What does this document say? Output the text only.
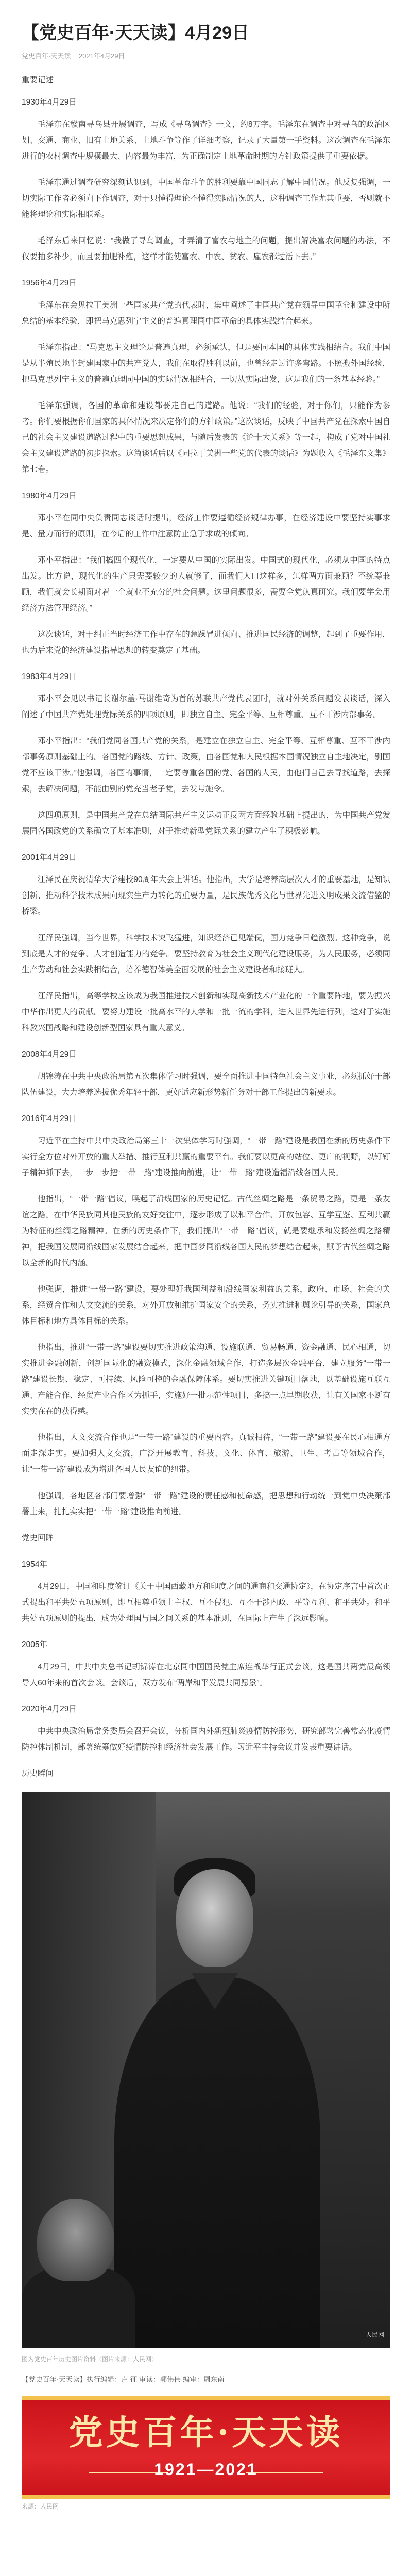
【党史百年·天天读】4月29日
党史百年·天天读 2021年4月29日

重要记述

1930年4月29日

毛泽东在赣南寻乌县开展调查，写成《寻乌调查》一文，约8万字。毛泽东在调查中对寻乌的政治区划、交通、商业、旧有土地关系、土地斗争等作了详细考察，记录了大量第一手资料。这次调查在毛泽东进行的农村调查中规模最大、内容最为丰富，为正确制定土地革命时期的方针政策提供了重要依据。

毛泽东通过调查研究深刻认识到，中国革命斗争的胜利要靠中国同志了解中国情况。他反复强调，一切实际工作者必须向下作调查，对于只懂得理论不懂得实际情况的人，这种调查工作尤其重要，否则就不能将理论和实际相联系。

毛泽东后来回忆说：“我做了寻乌调查，才弄清了富农与地主的问题，提出解决富农问题的办法，不仅要抽多补少，而且要抽肥补瘦，这样才能使富农、中农、贫农、雇农都过活下去。”

1956年4月29日

毛泽东在会见拉丁美洲一些国家共产党的代表时，集中阐述了中国共产党在领导中国革命和建设中所总结的基本经验，即把马克思列宁主义的普遍真理同中国革命的具体实践结合起来。

毛泽东指出：“马克思主义理论是普遍真理，必须承认，但是要同本国的具体实践相结合。我们中国是从半殖民地半封建国家中的共产党人，我们在取得胜利以前，也曾经走过许多弯路。不照搬外国经验，把马克思列宁主义的普遍真理同中国的实际情况相结合，一切从实际出发，这是我们的一条基本经验。”

毛泽东强调，各国的革命和建设都要走自己的道路。他说：“我们的经验，对于你们，只能作为参考。你们要根据你们国家的具体情况来决定你们的方针政策。”这次谈话，反映了中国共产党在探索中国自己的社会主义建设道路过程中的重要思想成果，与随后发表的《论十大关系》等一起，构成了党对中国社会主义建设道路的初步探索。这篇谈话后以《同拉丁美洲一些党的代表的谈话》为题收入《毛泽东文集》第七卷。

1980年4月29日

邓小平在同中央负责同志谈话时提出，经济工作要遵循经济规律办事，在经济建设中要坚持实事求是、量力而行的原则，在今后的工作中注意防止急于求成的倾向。

邓小平指出：“我们搞四个现代化，一定要从中国的实际出发。中国式的现代化，必须从中国的特点出发。比方说，现代化的生产只需要较少的人就够了，而我们人口这样多，怎样两方面兼顾？不统筹兼顾，我们就会长期面对着一个就业不充分的社会问题。这里问题很多，需要全党认真研究。我们要学会用经济方法管理经济。”

这次谈话，对于纠正当时经济工作中存在的急躁冒进倾向、推进国民经济的调整，起到了重要作用，也为后来党的经济建设指导思想的转变奠定了基础。

1983年4月29日

邓小平会见以书记长谢尔盖·马谢维奇为首的苏联共产党代表团时，就对外关系问题发表谈话，深入阐述了中国共产党处理党际关系的四项原则，即独立自主、完全平等、互相尊重、互不干涉内部事务。

邓小平指出：“我们党同各国共产党的关系，是建立在独立自主、完全平等、互相尊重、互不干涉内部事务原则基础上的。各国党的路线、方针、政策，由各国党和人民根据本国情况独立自主地决定，别国党不应该干涉。”他强调，各国的事情，一定要尊重各国的党、各国的人民，由他们自己去寻找道路，去探索，去解决问题，不能由别的党充当老子党，去发号施令。

这四项原则，是中国共产党在总结国际共产主义运动正反两方面经验基础上提出的，为中国共产党发展同各国政党的关系确立了基本准则，对于推动新型党际关系的建立产生了积极影响。

2001年4月29日

江泽民在庆祝清华大学建校90周年大会上讲话。他指出，大学是培养高层次人才的重要基地，是知识创新、推动科学技术成果向现实生产力转化的重要力量，是民族优秀文化与世界先进文明成果交流借鉴的桥梁。

江泽民强调，当今世界，科学技术突飞猛进，知识经济已见端倪，国力竞争日趋激烈。这种竞争，说到底是人才的竞争、人才创造能力的竞争。要坚持教育为社会主义现代化建设服务，为人民服务，必须同生产劳动和社会实践相结合，培养德智体美全面发展的社会主义建设者和接班人。

江泽民指出，高等学校应该成为我国推进技术创新和实现高新技术产业化的一个重要阵地，要为振兴中华作出更大的贡献。要努力建设一批高水平的大学和一批一流的学科，进入世界先进行列，这对于实施科教兴国战略和建设创新型国家具有重大意义。

2008年4月29日

胡锦涛在中共中央政治局第五次集体学习时强调，要全面推进中国特色社会主义事业，必须抓好干部队伍建设，大力培养选拔优秀年轻干部，更好适应新形势新任务对干部工作提出的新要求。

2016年4月29日

习近平在主持中共中央政治局第三十一次集体学习时强调，“一带一路”建设是我国在新的历史条件下实行全方位对外开放的重大举措、推行互利共赢的重要平台。我们要以更高的站位、更广的视野，以钉钉子精神抓下去，一步一步把“一带一路”建设推向前进，让“一带一路”建设造福沿线各国人民。

他指出，“一带一路”倡议，唤起了沿线国家的历史记忆。古代丝绸之路是一条贸易之路，更是一条友谊之路。在中华民族同其他民族的友好交往中，逐步形成了以和平合作、开放包容、互学互鉴、互利共赢为特征的丝绸之路精神。在新的历史条件下，我们提出“一带一路”倡议，就是要继承和发扬丝绸之路精神，把我国发展同沿线国家发展结合起来，把中国梦同沿线各国人民的梦想结合起来，赋予古代丝绸之路以全新的时代内涵。

他强调，推进“一带一路”建设，要处理好我国利益和沿线国家利益的关系，政府、市场、社会的关系，经贸合作和人文交流的关系，对外开放和维护国家安全的关系，务实推进和舆论引导的关系，国家总体目标和地方具体目标的关系。

他指出，推进“一带一路”建设要切实推进政策沟通、设施联通、贸易畅通、资金融通、民心相通，切实推进金融创新，创新国际化的融资模式，深化金融领域合作，打造多层次金融平台，建立服务“一带一路”建设长期、稳定、可持续、风险可控的金融保障体系。要切实推进关键项目落地，以基础设施互联互通、产能合作、经贸产业合作区为抓手，实施好一批示范性项目，多搞一点早期收获，让有关国家不断有实实在在的获得感。

他指出，人文交流合作也是“一带一路”建设的重要内容。真诚相待，“一带一路”建设要在民心相通方面走深走实。要加强人文交流，广泛开展教育、科技、文化、体育、旅游、卫生、考古等领域合作，让“一带一路”建设成为增进各国人民友谊的纽带。

他强调，各地区各部门要增强“一带一路”建设的责任感和使命感，把思想和行动统一到党中央决策部署上来，扎扎实实把“一带一路”建设推向前进。

党史回眸

1954年

4月29日，中国和印度签订《关于中国西藏地方和印度之间的通商和交通协定》，在协定序言中首次正式提出和平共处五项原则，即互相尊重领土主权、互不侵犯、互不干涉内政、平等互利、和平共处。和平共处五项原则的提出，成为处理国与国之间关系的基本准则，在国际上产生了深远影响。

2005年

4月29日，中共中央总书记胡锦涛在北京同中国国民党主席连战举行正式会谈，这是国共两党最高领导人60年来的首次会谈。会谈后，双方发布“两岸和平发展共同愿景”。

2020年4月29日

中共中央政治局常务委员会召开会议，分析国内外新冠肺炎疫情防控形势，研究部署完善常态化疫情防控体制机制，部署统筹做好疫情防控和经济社会发展工作。习近平主持会议并发表重要讲话。

历史瞬间

人民网

图为党史百年历史图片资料（图片来源：人民网）

【党史百年·天天读】执行编辑：卢 征 审读：郭伟伟 编审：周东南

党史百年·天天读
1921—2021

来源：人民网
